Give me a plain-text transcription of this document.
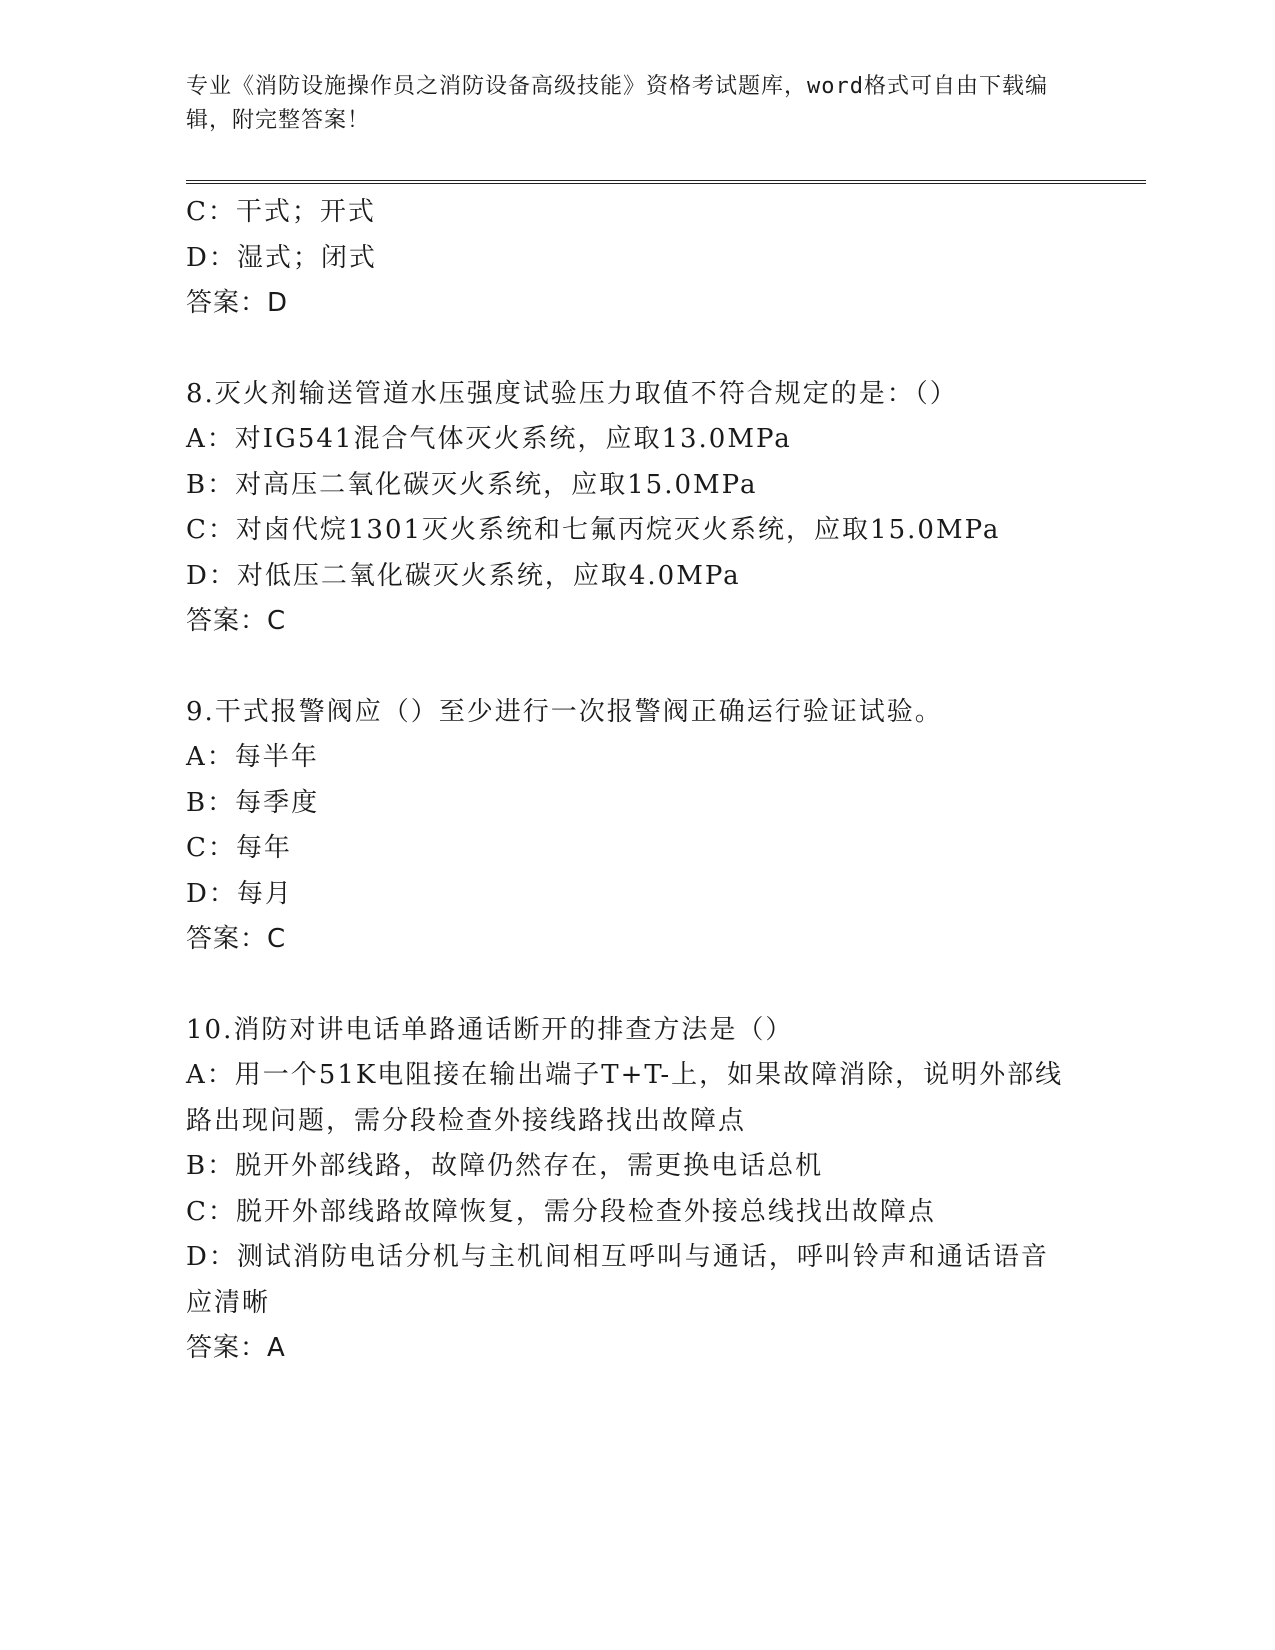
专业《消防设施操作员之消防设备高级技能》资格考试题库，word格式可自由下载编辑，附完整答案！
C：干式；开式
D：湿式；闭式
答案：D
8.灭火剂输送管道水压强度试验压力取值不符合规定的是：（）
A：对IG541混合气体灭火系统，应取13.0MPa
B：对高压二氧化碳灭火系统，应取15.0MPa
C：对卤代烷1301灭火系统和七氟丙烷灭火系统，应取15.0MPa
D：对低压二氧化碳灭火系统，应取4.0MPa
答案：C
9.干式报警阀应（）至少进行一次报警阀正确运行验证试验。
A：每半年
B：每季度
C：每年
D：每月
答案：C
10.消防对讲电话单路通话断开的排查方法是（）
A：用一个51K电阻接在输出端子T+T-上，如果故障消除，说明外部线路出现问题，需分段检查外接线路找出故障点
B：脱开外部线路，故障仍然存在，需更换电话总机
C：脱开外部线路故障恢复，需分段检查外接总线找出故障点
D：测试消防电话分机与主机间相互呼叫与通话，呼叫铃声和通话语音应清晰
答案：A
